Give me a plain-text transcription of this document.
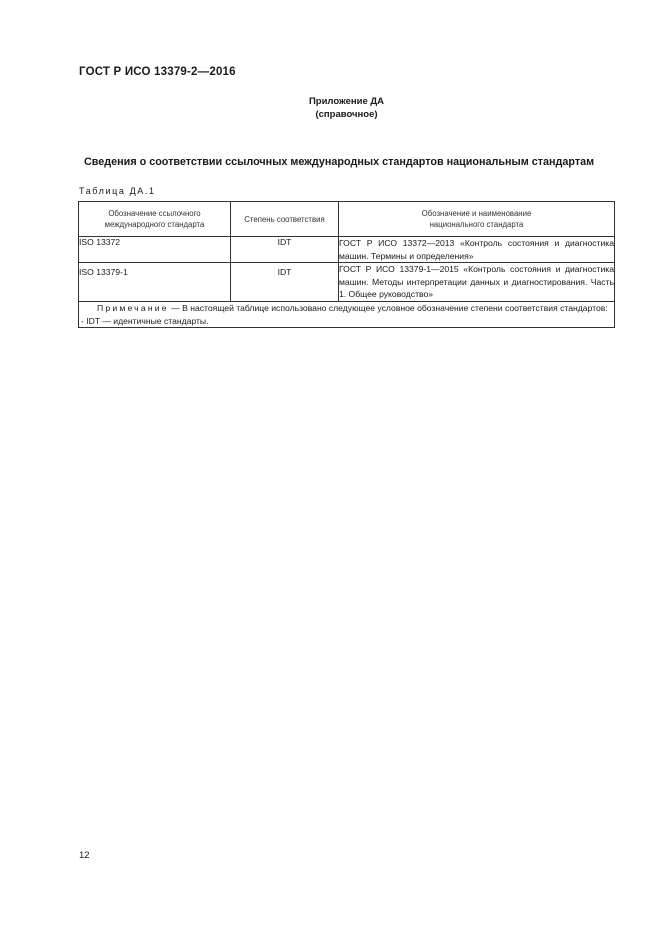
ГОСТ Р ИСО 13379-2—2016
Приложение ДА
(справочное)
Сведения о соответствии ссылочных международных стандартов национальным стандартам
Таблица ДА.1
Обозначение ссылочного международного стандарта	Степень соответствия	Обозначение и наименование национального стандарта
ISO 13372	IDT	ГОСТ Р ИСО 13372—2013 «Контроль состояния и диагностика машин. Термины и определения»
ISO 13379-1	IDT	ГОСТ Р ИСО 13379-1—2015 «Контроль состояния и диагностика машин. Методы интерпретации данных и диагностирования. Часть 1. Общее руководство»

Примечание — В настоящей таблице использовано следующее условное обозначение степени соответствия стандартов:
- IDT — идентичные стандарты.		
12
